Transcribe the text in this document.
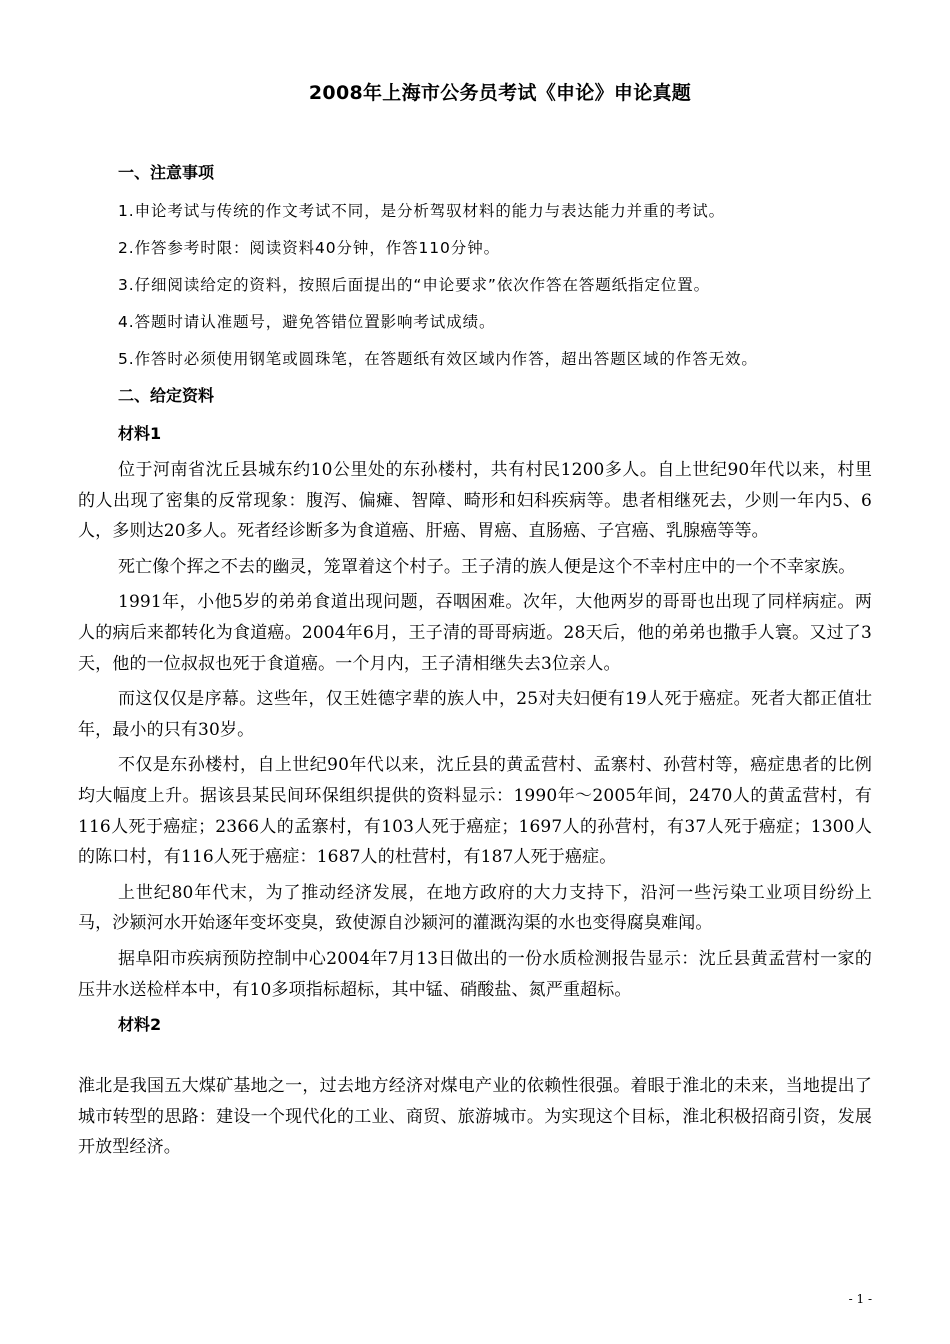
2008年上海市公务员考试《申论》申论真题

一、注意事项

1.申论考试与传统的作文考试不同，是分析驾驭材料的能力与表达能力并重的考试。

2.作答参考时限：阅读资料40分钟，作答110分钟。

3.仔细阅读给定的资料，按照后面提出的“申论要求”依次作答在答题纸指定位置。

4.答题时请认准题号，避免答错位置影响考试成绩。

5.作答时必须使用钢笔或圆珠笔，在答题纸有效区域内作答，超出答题区域的作答无效。

二、给定资料

材料1

位于河南省沈丘县城东约10公里处的东孙楼村，共有村民1200多人。自上世纪90年代以来，村里的人出现了密集的反常现象：腹泻、偏瘫、智障、畸形和妇科疾病等。患者相继死去，少则一年内5、6人，多则达20多人。死者经诊断多为食道癌、肝癌、胃癌、直肠癌、子宫癌、乳腺癌等等。

死亡像个挥之不去的幽灵，笼罩着这个村子。王子清的族人便是这个不幸村庄中的一个不幸家族。

1991年，小他5岁的弟弟食道出现问题，吞咽困难。次年，大他两岁的哥哥也出现了同样病症。两人的病后来都转化为食道癌。2004年6月，王子清的哥哥病逝。28天后，他的弟弟也撒手人寰。又过了3天，他的一位叔叔也死于食道癌。一个月内，王子清相继失去3位亲人。

而这仅仅是序幕。这些年，仅王姓德字辈的族人中，25对夫妇便有19人死于癌症。死者大都正值壮年，最小的只有30岁。

不仅是东孙楼村，自上世纪90年代以来，沈丘县的黄孟营村、孟寨村、孙营村等，癌症患者的比例均大幅度上升。据该县某民间环保组织提供的资料显示：1990年～2005年间，2470人的黄孟营村，有116人死于癌症；2366人的孟寨村，有103人死于癌症；1697人的孙营村，有37人死于癌症；1300人的陈口村，有116人死于癌症：1687人的杜营村，有187人死于癌症。

上世纪80年代末，为了推动经济发展，在地方政府的大力支持下，沿河一些污染工业项目纷纷上马，沙颍河水开始逐年变坏变臭，致使源自沙颍河的灌溉沟渠的水也变得腐臭难闻。

据阜阳市疾病预防控制中心2004年7月13日做出的一份水质检测报告显示：沈丘县黄孟营村一家的压井水送检样本中，有10多项指标超标，其中锰、硝酸盐、氮严重超标。

材料2

淮北是我国五大煤矿基地之一，过去地方经济对煤电产业的依赖性很强。着眼于淮北的未来，当地提出了城市转型的思路：建设一个现代化的工业、商贸、旅游城市。为实现这个目标，淮北积极招商引资，发展开放型经济。

- 1 -
